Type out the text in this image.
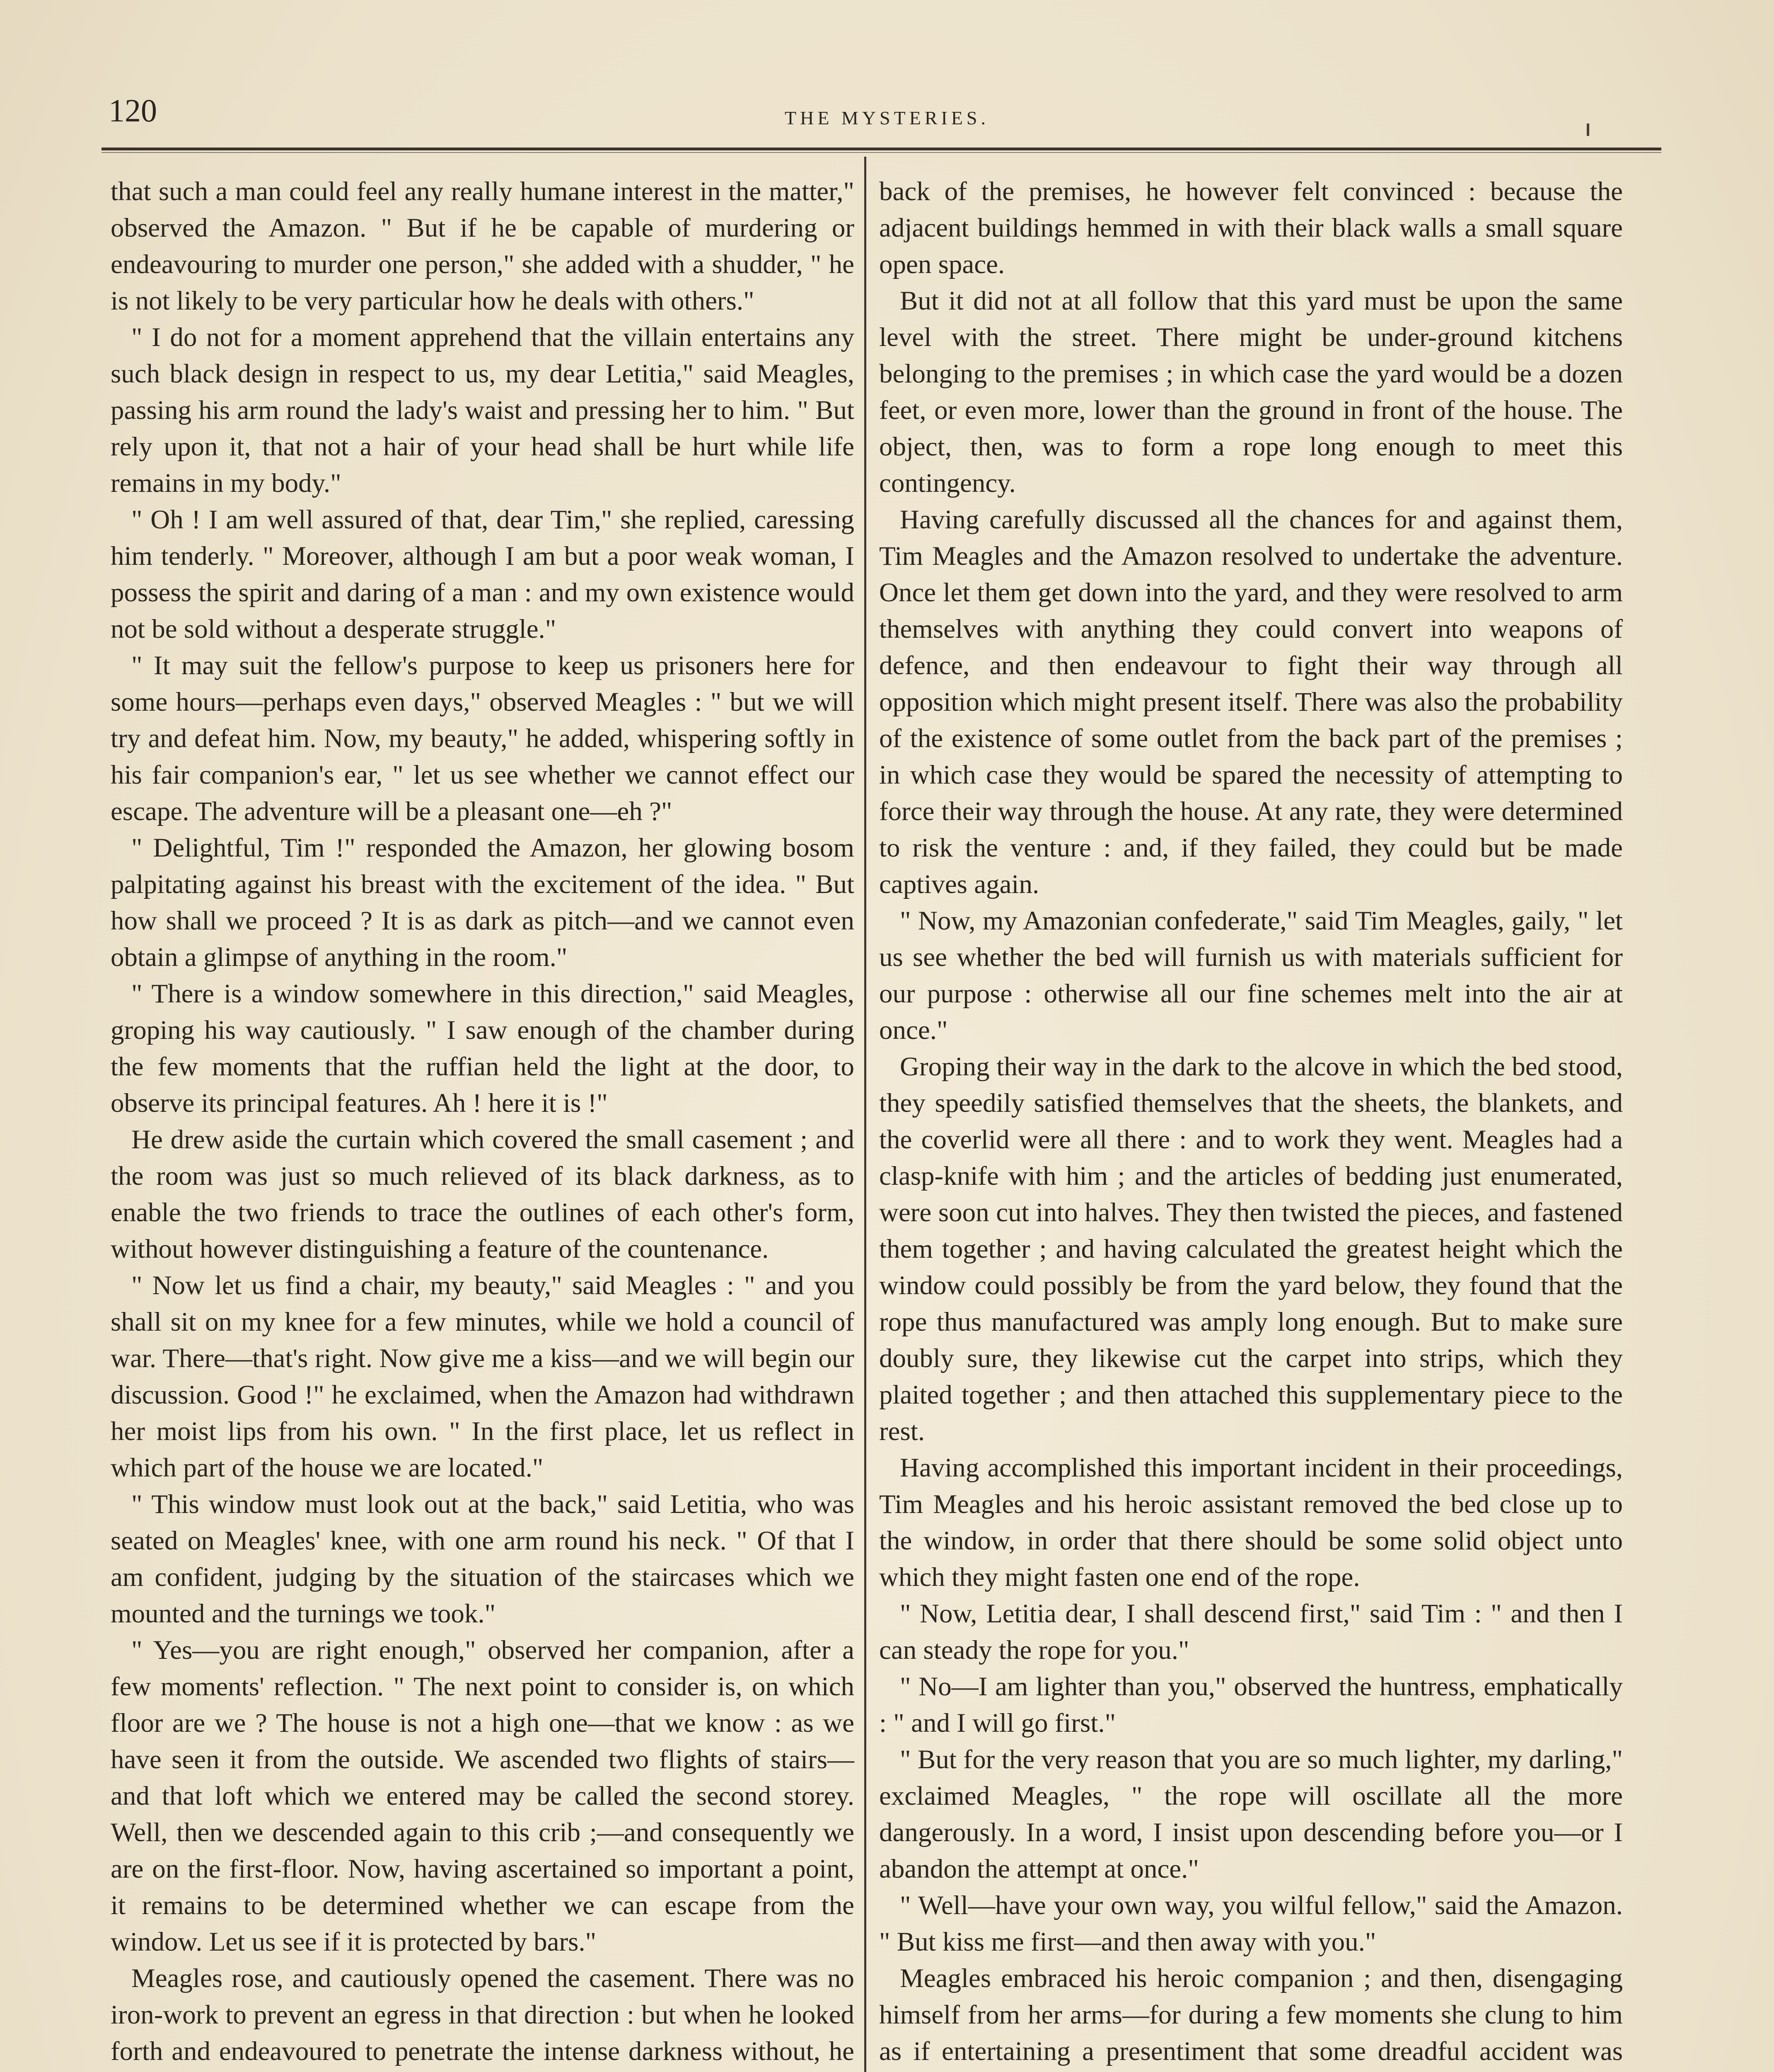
120	THE MYSTERIES.

that such a man could feel any really humane interest in the matter," observed the Amazon. " But if he be capable of murdering or endeavouring to murder one person," she added with a shudder, " he is not likely to be very particular how he deals with others."

" I do not for a moment apprehend that the villain entertains any such black design in respect to us, my dear Letitia," said Meagles, passing his arm round the lady's waist and pressing her to him. " But rely upon it, that not a hair of your head shall be hurt while life remains in my body."

" Oh ! I am well assured of that, dear Tim," she replied, caressing him tenderly. " Moreover, although I am but a poor weak woman, I possess the spirit and daring of a man : and my own existence would not be sold without a desperate struggle."

" It may suit the fellow's purpose to keep us prisoners here for some hours—perhaps even days," observed Meagles : " but we will try and defeat him. Now, my beauty," he added, whispering softly in his fair companion's ear, " let us see whether we cannot effect our escape. The adventure will be a pleasant one—eh ?"

" Delightful, Tim !" responded the Amazon, her glowing bosom palpitating against his breast with the excitement of the idea. " But how shall we proceed ? It is as dark as pitch—and we cannot even obtain a glimpse of anything in the room."

" There is a window somewhere in this direction," said Meagles, groping his way cautiously. " I saw enough of the chamber during the few moments that the ruffian held the light at the door, to observe its principal features. Ah ! here it is !"

He drew aside the curtain which covered the small casement ; and the room was just so much relieved of its black darkness, as to enable the two friends to trace the outlines of each other's form, without however distinguishing a feature of the countenance.

" Now let us find a chair, my beauty," said Meagles : " and you shall sit on my knee for a few minutes, while we hold a council of war. There—that's right. Now give me a kiss—and we will begin our discussion. Good !" he exclaimed, when the Amazon had withdrawn her moist lips from his own. " In the first place, let us reflect in which part of the house we are located."

" This window must look out at the back," said Letitia, who was seated on Meagles' knee, with one arm round his neck. " Of that I am confident, judging by the situation of the staircases which we mounted and the turnings we took."

" Yes—you are right enough," observed her companion, after a few moments' reflection. " The next point to consider is, on which floor are we ? The house is not a high one—that we know : as we have seen it from the outside. We ascended two flights of stairs—and that loft which we entered may be called the second storey. Well, then we descended again to this crib ;—and consequently we are on the first-floor. Now, having ascertained so important a point, it remains to be determined whether we can escape from the window. Let us see if it is protected by bars."

Meagles rose, and cautiously opened the casement. There was no iron-work to prevent an egress in that direction : but when he looked forth and endeavoured to penetrate the intense darkness without, he

back of the premises, he however felt convinced : because the adjacent buildings hemmed in with their black walls a small square open space.

But it did not at all follow that this yard must be upon the same level with the street. There might be under-ground kitchens belonging to the premises ; in which case the yard would be a dozen feet, or even more, lower than the ground in front of the house. The object, then, was to form a rope long enough to meet this contingency.

Having carefully discussed all the chances for and against them, Tim Meagles and the Amazon resolved to undertake the adventure. Once let them get down into the yard, and they were resolved to arm themselves with anything they could convert into weapons of defence, and then endeavour to fight their way through all opposition which might present itself. There was also the probability of the existence of some outlet from the back part of the premises ; in which case they would be spared the necessity of attempting to force their way through the house. At any rate, they were determined to risk the venture : and, if they failed, they could but be made captives again.

" Now, my Amazonian confederate," said Tim Meagles, gaily, " let us see whether the bed will furnish us with materials sufficient for our purpose : otherwise all our fine schemes melt into the air at once."

Groping their way in the dark to the alcove in which the bed stood, they speedily satisfied themselves that the sheets, the blankets, and the coverlid were all there : and to work they went. Meagles had a clasp-knife with him ; and the articles of bedding just enumerated, were soon cut into halves. They then twisted the pieces, and fastened them together ; and having calculated the greatest height which the window could possibly be from the yard below, they found that the rope thus manufactured was amply long enough. But to make sure doubly sure, they likewise cut the carpet into strips, which they plaited together ; and then attached this supplementary piece to the rest.

Having accomplished this important incident in their proceedings, Tim Meagles and his heroic assistant removed the bed close up to the window, in order that there should be some solid object unto which they might fasten one end of the rope.

" Now, Letitia dear, I shall descend first," said Tim : " and then I can steady the rope for you."

" No—I am lighter than you," observed the huntress, emphatically : " and I will go first."

" But for the very reason that you are so much lighter, my darling," exclaimed Meagles, " the rope will oscillate all the more dangerously. In a word, I insist upon descending before you—or I abandon the attempt at once."

" Well—have your own way, you wilful fellow," said the Amazon. " But kiss me first—and then away with you."

Meagles embraced his heroic companion ; and then, disengaging himself from her arms—for during a few moments she clung to him as if entertaining a presentiment that some dreadful accident was
